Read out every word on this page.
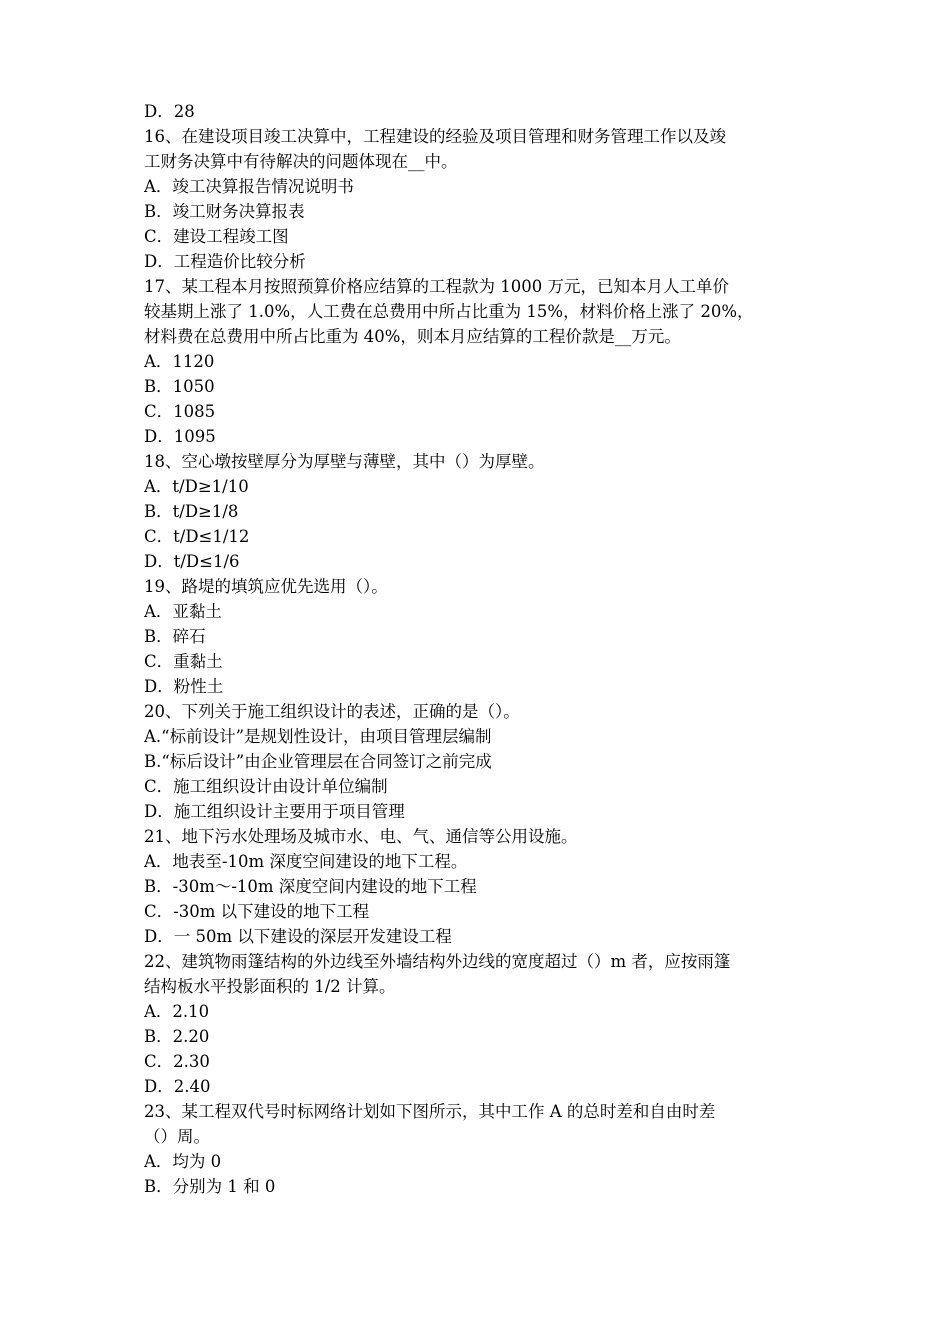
D．28
16、在建设项目竣工决算中，工程建设的经验及项目管理和财务管理工作以及竣
工财务决算中有待解决的问题体现在__中。
A．竣工决算报告情况说明书
B．竣工财务决算报表
C．建设工程竣工图
D．工程造价比较分析
17、某工程本月按照预算价格应结算的工程款为 1000 万元，已知本月人工单价
较基期上涨了 1.0%，人工费在总费用中所占比重为 15%，材料价格上涨了 20%，
材料费在总费用中所占比重为 40%，则本月应结算的工程价款是__万元。
A．1120
B．1050
C．1085
D．1095
18、空心墩按壁厚分为厚壁与薄壁，其中（）为厚壁。
A．t/D≥1/10
B．t/D≥1/8
C．t/D≤1/12
D．t/D≤1/6
19、路堤的填筑应优先选用（）。
A．亚黏土
B．碎石
C．重黏土
D．粉性土
20、下列关于施工组织设计的表述，正确的是（）。
A.“标前设计”是规划性设计，由项目管理层编制
B.“标后设计”由企业管理层在合同签订之前完成
C．施工组织设计由设计单位编制
D．施工组织设计主要用于项目管理
21、地下污水处理场及城市水、电、气、通信等公用设施。
A．地表至-10m 深度空间建设的地下工程。
B．-30m～-10m 深度空间内建设的地下工程
C．-30m 以下建设的地下工程
D．一 50m 以下建设的深层开发建设工程
22、建筑物雨篷结构的外边线至外墙结构外边线的宽度超过（）m 者，应按雨篷
结构板水平投影面积的 1/2 计算。
A．2.10
B．2.20
C．2.30
D．2.40
23、某工程双代号时标网络计划如下图所示，其中工作 A 的总时差和自由时差
（）周。
A．均为 0
B．分别为 1 和 0
